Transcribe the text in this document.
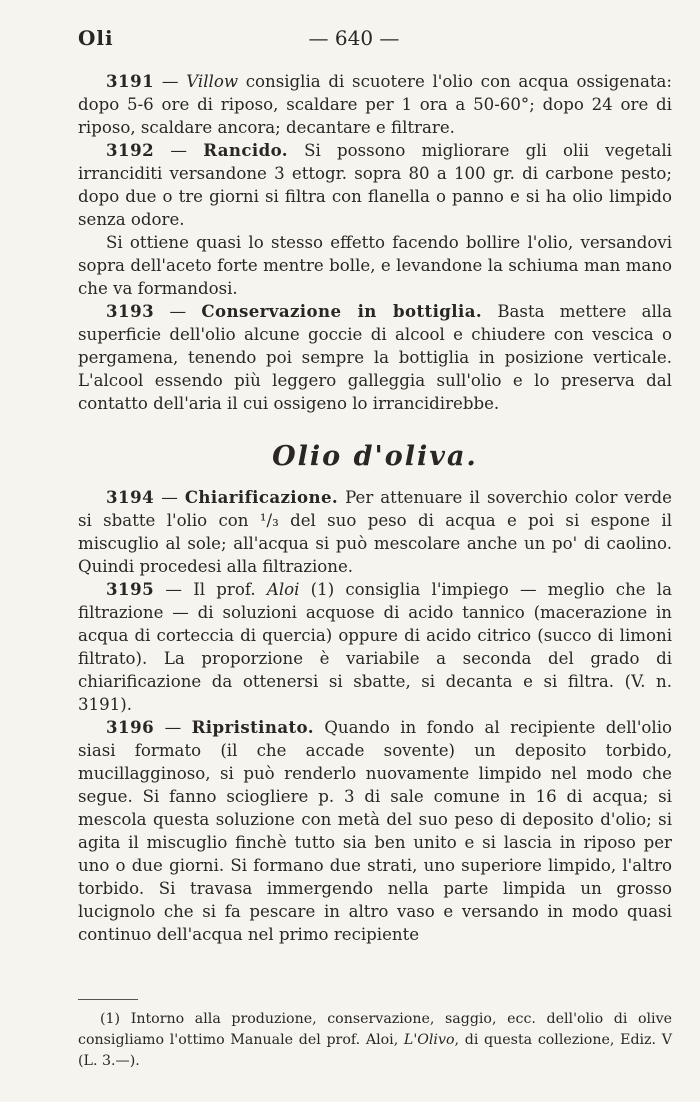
Oli	— 640 —

3191 — Villow consiglia di scuotere l'olio con acqua ossigenata: dopo 5-6 ore di riposo, scaldare per 1 ora a 50-60°; dopo 24 ore di riposo, scaldare ancora; decantare e filtrare.

3192 — Rancido. Si possono migliorare gli olii vegetali irranciditi versandone 3 ettogr. sopra 80 a 100 gr. di carbone pesto; dopo due o tre giorni si filtra con flanella o panno e si ha olio limpido senza odore.

Si ottiene quasi lo stesso effetto facendo bollire l'olio, versandovi sopra dell'aceto forte mentre bolle, e levandone la schiuma man mano che va formandosi.

3193 — Conservazione in bottiglia. Basta mettere alla superficie dell'olio alcune goccie di alcool e chiudere con vescica o pergamena, tenendo poi sempre la bottiglia in posizione verticale. L'alcool essendo più leggero galleggia sull'olio e lo preserva dal contatto dell'aria il cui ossigeno lo irrancidirebbe.

Olio d'oliva.

3194 — Chiarificazione. Per attenuare il soverchio color verde si sbatte l'olio con ¹/₃ del suo peso di acqua e poi si espone il miscuglio al sole; all'acqua si può mescolare anche un po' di caolino. Quindi procedesi alla filtrazione.

3195 — Il prof. Aloi (1) consiglia l'impiego — meglio che la filtrazione — di soluzioni acquose di acido tannico (macerazione in acqua di corteccia di quercia) oppure di acido citrico (succo di limoni filtrato). La proporzione è variabile a seconda del grado di chiarificazione da ottenersi si sbatte, si decanta e si filtra. (V. n. 3191).

3196 — Ripristinato. Quando in fondo al recipiente dell'olio siasi formato (il che accade sovente) un deposito torbido, mucillagginoso, si può renderlo nuovamente limpido nel modo che segue. Si fanno sciogliere p. 3 di sale comune in 16 di acqua; si mescola questa soluzione con metà del suo peso di deposito d'olio; si agita il miscuglio finchè tutto sia ben unito e si lascia in riposo per uno o due giorni. Si formano due strati, uno superiore limpido, l'altro torbido. Si travasa immergendo nella parte limpida un grosso lucignolo che si fa pescare in altro vaso e versando in modo quasi continuo dell'acqua nel primo recipiente

(1) Intorno alla produzione, conservazione, saggio, ecc. dell'olio di olive consigliamo l'ottimo Manuale del prof. Aloi, L'Olivo, di questa collezione, Ediz. V (L. 3.—).
